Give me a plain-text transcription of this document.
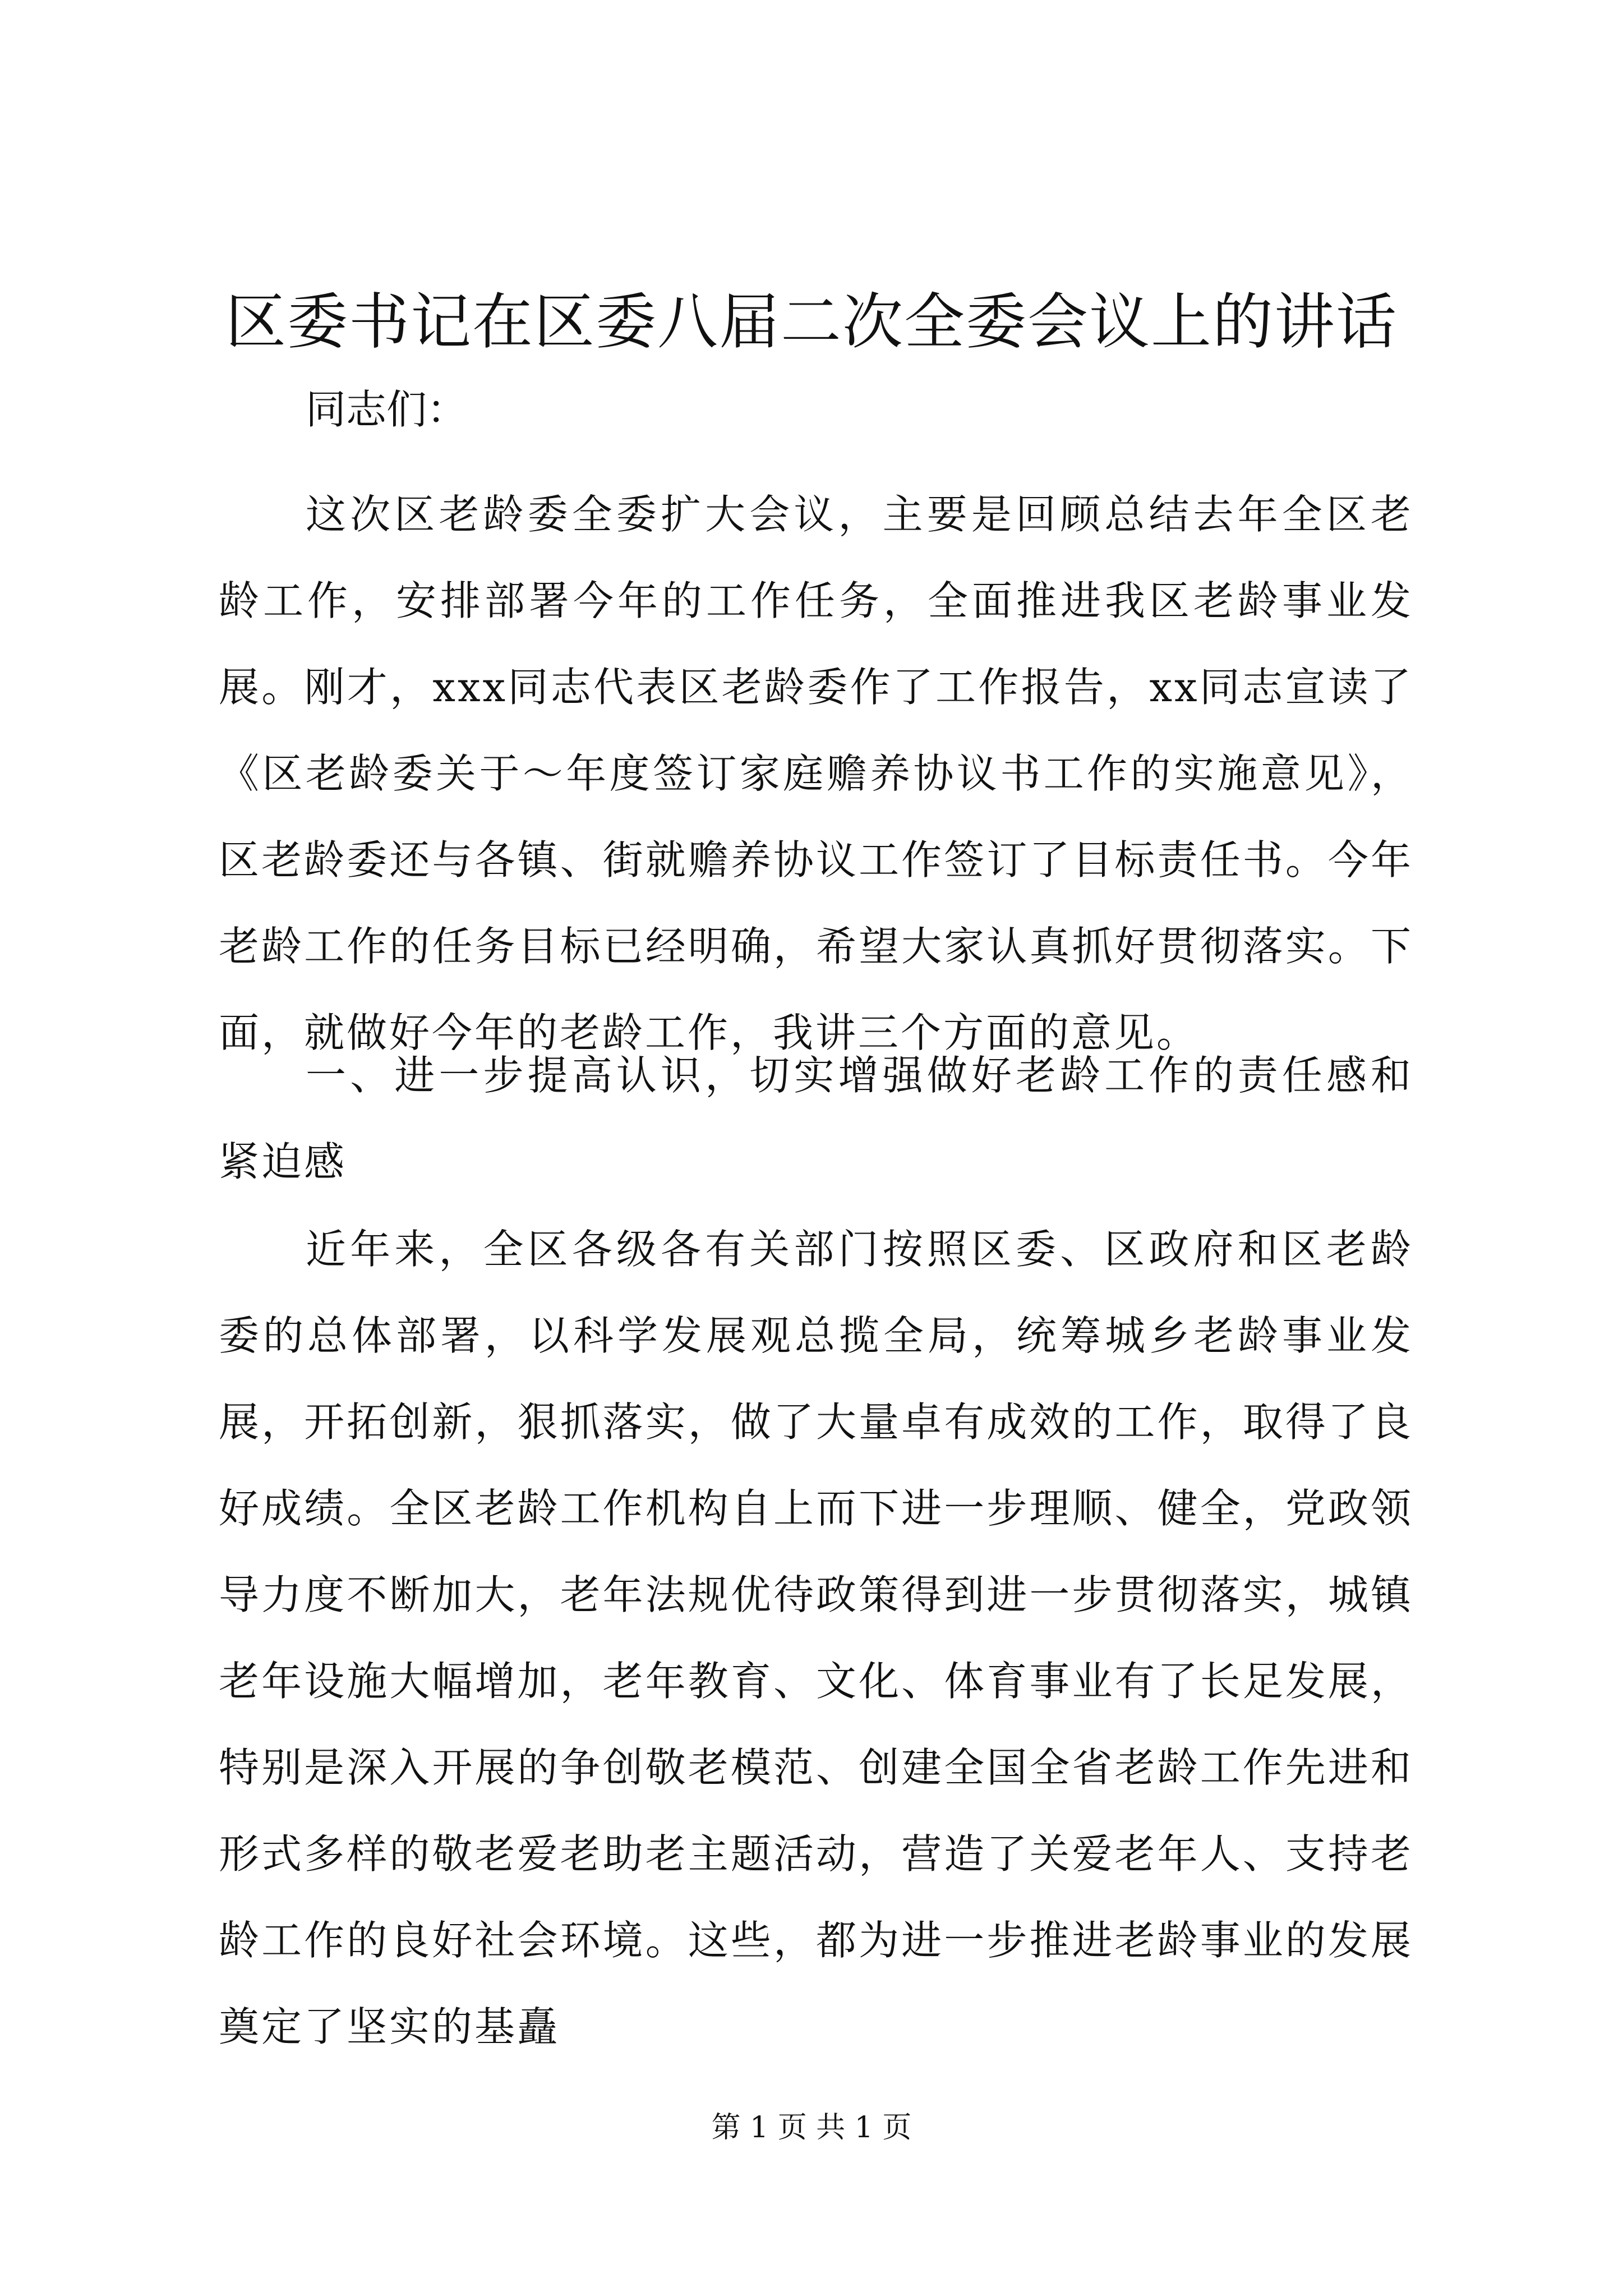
区委书记在区委八届二次全委会议上的讲话

同志们：

这次区老龄委全委扩大会议，主要是回顾总结去年全区老龄工作，安排部署今年的工作任务，全面推进我区老龄事业发展。刚才，xxx同志代表区老龄委作了工作报告，xx同志宣读了《区老龄委关于～年度签订家庭赡养协议书工作的实施意见》，区老龄委还与各镇、街就赡养协议工作签订了目标责任书。今年老龄工作的任务目标已经明确，希望大家认真抓好贯彻落实。下面，就做好今年的老龄工作，我讲三个方面的意见。

一、进一步提高认识，切实增强做好老龄工作的责任感和紧迫感

近年来，全区各级各有关部门按照区委、区政府和区老龄委的总体部署，以科学发展观总揽全局，统筹城乡老龄事业发展，开拓创新，狠抓落实，做了大量卓有成效的工作，取得了良好成绩。全区老龄工作机构自上而下进一步理顺、健全，党政领导力度不断加大，老年法规优待政策得到进一步贯彻落实，城镇老年设施大幅增加，老年教育、文化、体育事业有了长足发展，特别是深入开展的争创敬老模范、创建全国全省老龄工作先进和形式多样的敬老爱老助老主题活动，营造了关爱老年人、支持老龄工作的良好社会环境。这些，都为进一步推进老龄事业的发展奠定了坚实的基矗

第 1 页 共 1 页
